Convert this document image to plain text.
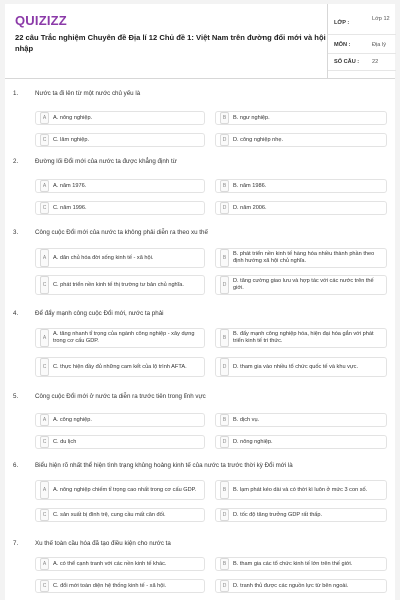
QUIZIZZ
22 câu Trắc nghiệm Chuyên đề Địa lí 12 Chủ đề 1: Việt Nam trên đường đổi mới và hội nhập
LỚP :
Lớp 12
MÔN :	Địa lý
SỐ CÂU : 22
1.	Nước ta đi lên từ một nước chủ yếu là
A	A. nông nghiệp.	B	B. ngư nghiệp.
C	C. lâm nghiệp.	D	D. công nghiệp nhẹ.
2.	Đường lối Đổi mới của nước ta được khẳng định từ
A	A. năm 1976.	B	B. năm 1986.
C	C. năm 1996.	D	D. năm 2006.
3.	Công cuộc Đổi mới của nước ta không phải diễn ra theo xu thế
A	A. dân chủ hóa đời sống kinh tế - xã hội.	B
B. phát triển nền kinh tế hàng hóa nhiều thành phần theo định hướng xã hội chủ nghĩa.
C	C. phát triển nền kinh tế thị trường tư bản chủ nghĩa.	D
D. tăng cường giao lưu và hợp tác với các nước trên thế giới.
4.	Để đẩy mạnh công cuộc Đổi mới, nước ta phải
A
A. tăng nhanh tỉ trọng của ngành công nghiệp - xây dựng trong cơ cấu GDP.	B
B. đẩy mạnh công nghiệp hóa, hiện đại hóa gắn với phát triển kinh tế tri thức.
C	C. thực hiện đầy đủ những cam kết của lộ trình AFTA.	D	D. tham gia vào nhiều tổ chức quốc tế và khu vực.
5.	Công cuộc Đổi mới ở nước ta diễn ra trước tiên trong lĩnh vực
A	A. công nghiệp.	B	B. dịch vụ.
C	C. du lịch	D	D. nông nghiệp.
6.	Biểu hiện rõ nhất thể hiện tình trạng khủng hoảng kinh tế của nước ta trước thời kỳ Đổi mới là
A	A. nông nghiệp chiếm tỉ trọng cao nhất trong cơ cấu GDP.	B	B. lạm phát kéo dài và có thời kì luôn ở mức 3 con số.
C	C. sản xuất bị đình trệ, cung cầu mất cân đối.	D	D. tốc độ tăng trưởng GDP rất thấp.
7.	Xu thế toàn cầu hóa đã tạo điều kiện cho nước ta
A	A. có thể cạnh tranh với các nền kinh tế khác.	B	B. tham gia các tổ chức kinh tế lớn trên thế giới.
C	C. đổi mới toàn diện hệ thống kinh tế - xã hội.	D	D. tranh thủ được các nguồn lực từ bên ngoài.
